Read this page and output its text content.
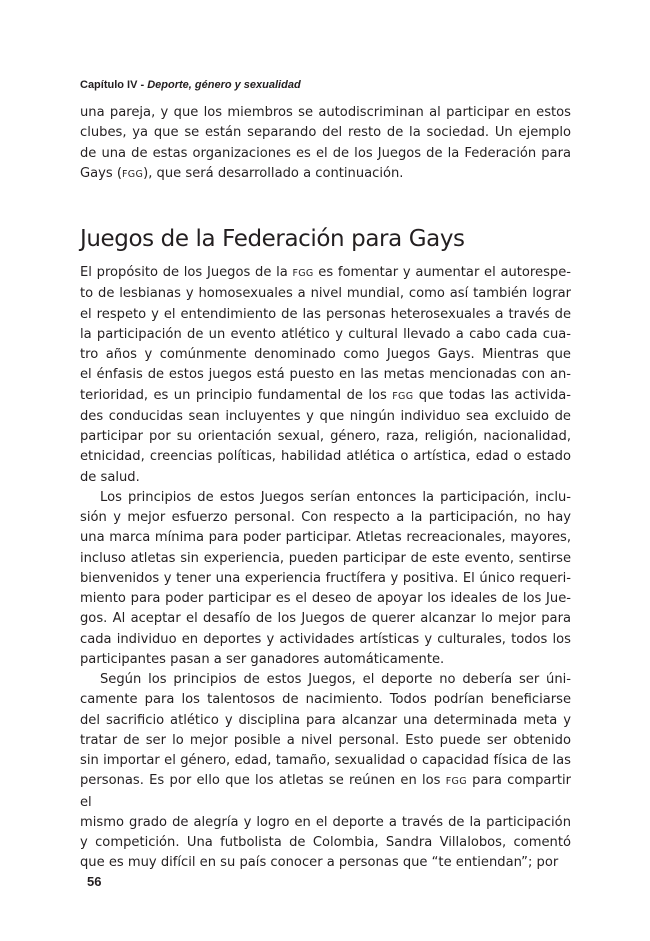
Capítulo IV - Deporte, género y sexualidad

una pareja, y que los miembros se autodiscriminan al participar en estos

clubes, ya que se están separando del resto de la sociedad. Un ejemplo

de una de estas organizaciones es el de los Juegos de la Federación para

Gays (FGG), que será desarrollado a continuación.

Juegos de la Federación para Gays

El propósito de los Juegos de la FGG es fomentar y aumentar el autorespe-

to de lesbianas y homosexuales a nivel mundial, como así también lograr

el respeto y el entendimiento de las personas heterosexuales a través de

la participación de un evento atlético y cultural llevado a cabo cada cua-

tro años y comúnmente denominado como Juegos Gays. Mientras que

el énfasis de estos juegos está puesto en las metas mencionadas con an-

terioridad, es un principio fundamental de los FGG que todas las activida-

des conducidas sean incluyentes y que ningún individuo sea excluido de

participar por su orientación sexual, género, raza, religión, nacionalidad,

etnicidad, creencias políticas, habilidad atlética o artística, edad o estado

de salud.

Los principios de estos Juegos serían entonces la participación, inclu-

sión y mejor esfuerzo personal. Con respecto a la participación, no hay

una marca mínima para poder participar. Atletas recreacionales, mayores,

incluso atletas sin experiencia, pueden participar de este evento, sentirse

bienvenidos y tener una experiencia fructífera y positiva. El único requeri-

miento para poder participar es el deseo de apoyar los ideales de los Jue-

gos. Al aceptar el desafío de los Juegos de querer alcanzar lo mejor para

cada individuo en deportes y actividades artísticas y culturales, todos los

participantes pasan a ser ganadores automáticamente.

Según los principios de estos Juegos, el deporte no debería ser úni-

camente para los talentosos de nacimiento. Todos podrían beneficiarse

del sacrificio atlético y disciplina para alcanzar una determinada meta y

tratar de ser lo mejor posible a nivel personal. Esto puede ser obtenido

sin importar el género, edad, tamaño, sexualidad o capacidad física de las

personas. Es por ello que los atletas se reúnen en los FGG para compartir el

mismo grado de alegría y logro en el deporte a través de la participación

y competición. Una futbolista de Colombia, Sandra Villalobos, comentó

que es muy difícil en su país conocer a personas que “te entiendan”; por

56
